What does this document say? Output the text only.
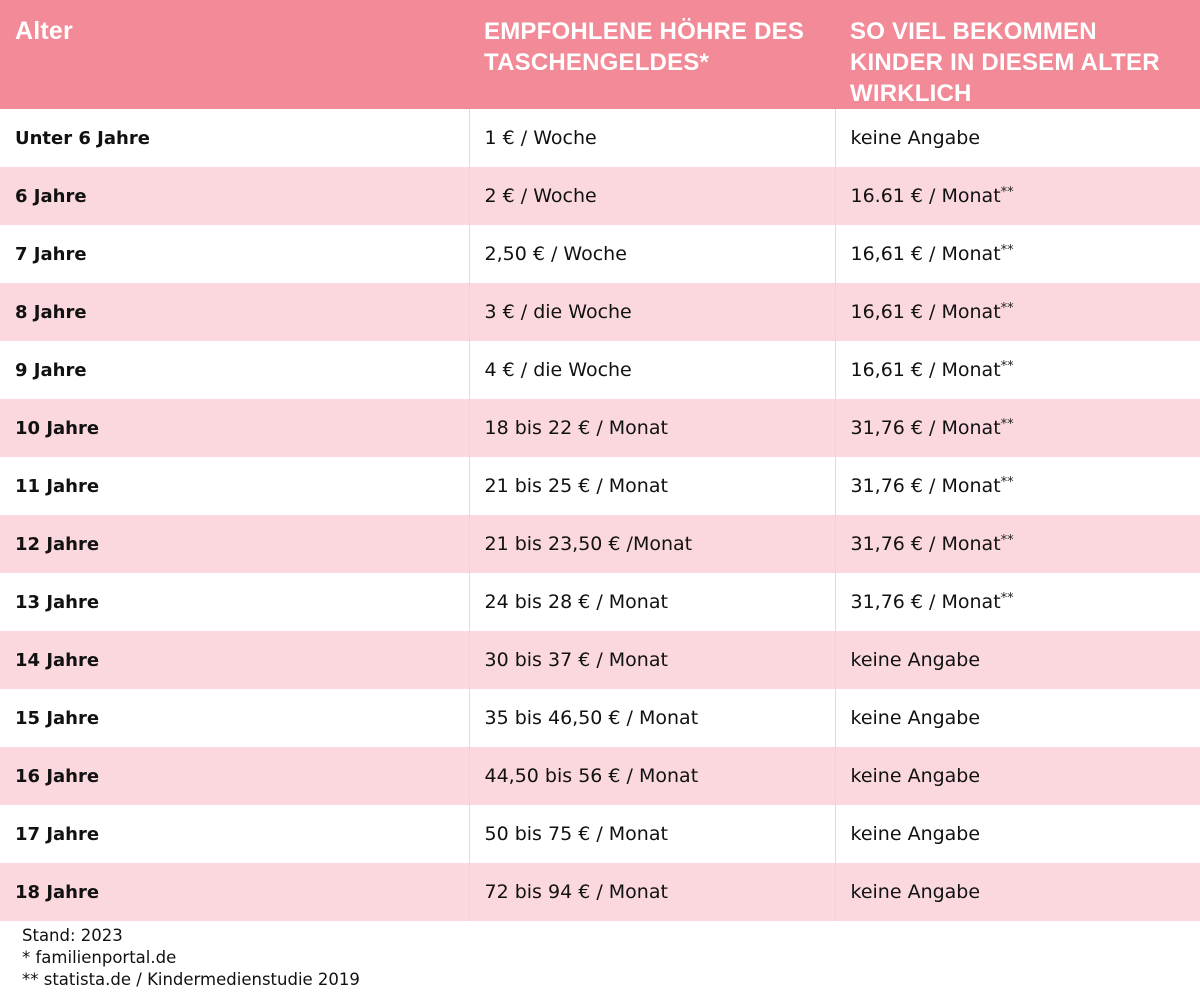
Alter	EMPFOHLENE HÖHRE DES TASCHENGELDES*	SO VIEL BEKOMMEN KINDER IN DIESEM ALTER WIRKLICH
Unter 6 Jahre	1 € / Woche	keine Angabe
6 Jahre	2 € / Woche	16.61 € / Monat**
7 Jahre	2,50 € / Woche	16,61 € / Monat**
8 Jahre	3 € / die Woche	16,61 € / Monat**
9 Jahre	4 € / die Woche	16,61 € / Monat**
10 Jahre	18 bis 22 € / Monat	31,76 € / Monat**
11 Jahre	21 bis 25 € / Monat	31,76 € / Monat**
12 Jahre	21 bis 23,50 € /Monat	31,76 € / Monat**
13 Jahre	24 bis 28 € / Monat	31,76 € / Monat**
14 Jahre	30 bis 37 € / Monat	keine Angabe
15 Jahre	35 bis 46,50 € / Monat	keine Angabe
16 Jahre	44,50 bis 56 € / Monat	keine Angabe
17 Jahre	50 bis 75 € / Monat	keine Angabe
18 Jahre	72 bis 94 € / Monat	keine Angabe
Stand: 2023
* familienportal.de
** statista.de / Kindermedienstudie 2019
